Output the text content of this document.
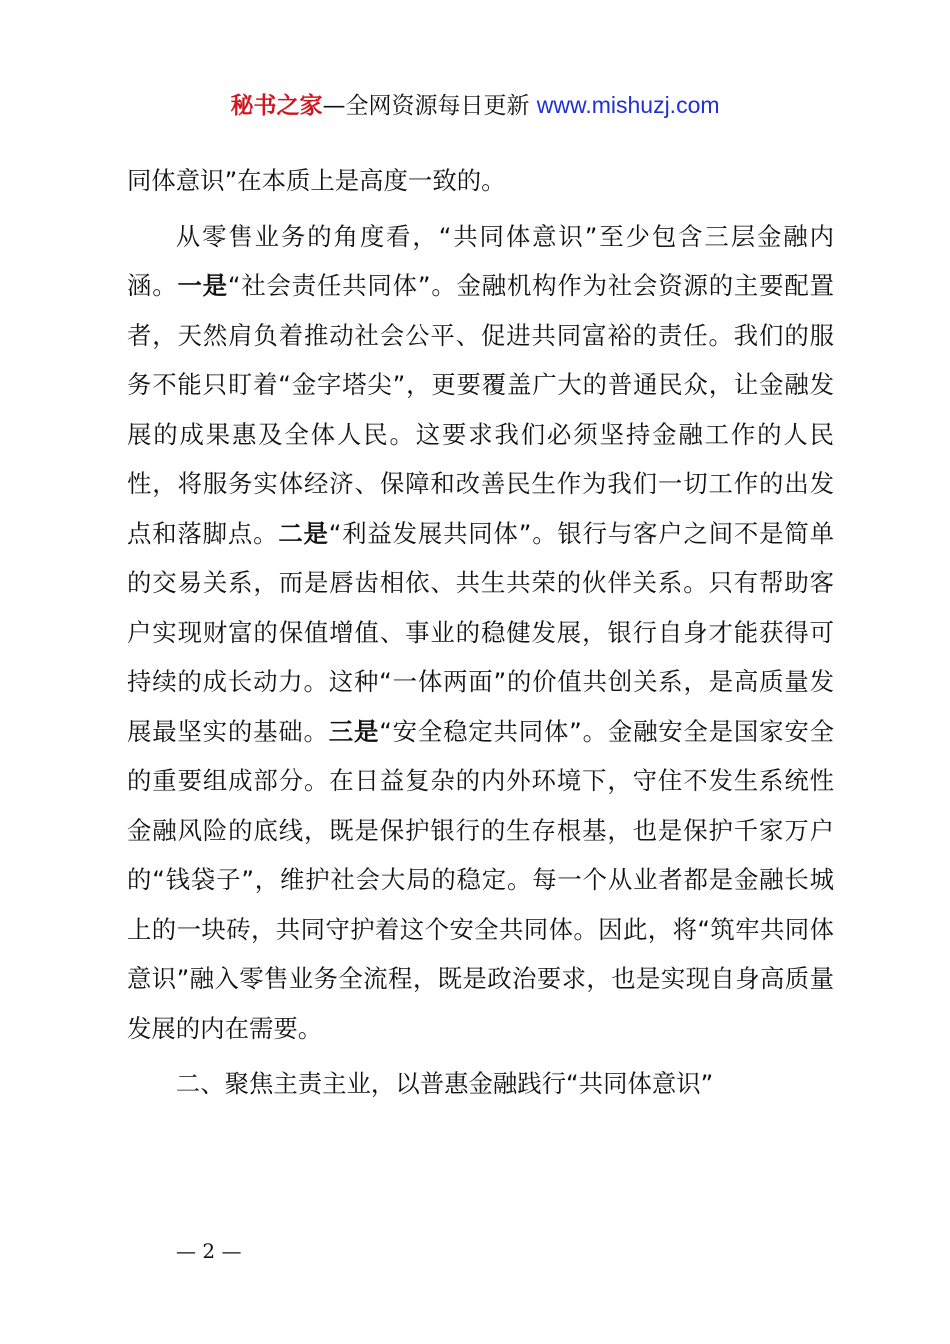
秘书之家—全网资源每日更新 www.mishuzj.com

同体意识”在本质上是高度一致的。

从零售业务的角度看，“共同体意识”至少包含三层金融内涵。一是“社会责任共同体”。金融机构作为社会资源的主要配置者，天然肩负着推动社会公平、促进共同富裕的责任。我们的服务不能只盯着“金字塔尖”，更要覆盖广大的普通民众，让金融发展的成果惠及全体人民。这要求我们必须坚持金融工作的人民性，将服务实体经济、保障和改善民生作为我们一切工作的出发点和落脚点。二是“利益发展共同体”。银行与客户之间不是简单的交易关系，而是唇齿相依、共生共荣的伙伴关系。只有帮助客户实现财富的保值增值、事业的稳健发展，银行自身才能获得可持续的成长动力。这种“一体两面”的价值共创关系，是高质量发展最坚实的基础。三是“安全稳定共同体”。金融安全是国家安全的重要组成部分。在日益复杂的内外环境下，守住不发生系统性金融风险的底线，既是保护银行的生存根基，也是保护千家万户的“钱袋子”，维护社会大局的稳定。每一个从业者都是金融长城上的一块砖，共同守护着这个安全共同体。因此，将“筑牢共同体意识”融入零售业务全流程，既是政治要求，也是实现自身高质量发展的内在需要。

二、聚焦主责主业，以普惠金融践行“共同体意识”

— 2 —
